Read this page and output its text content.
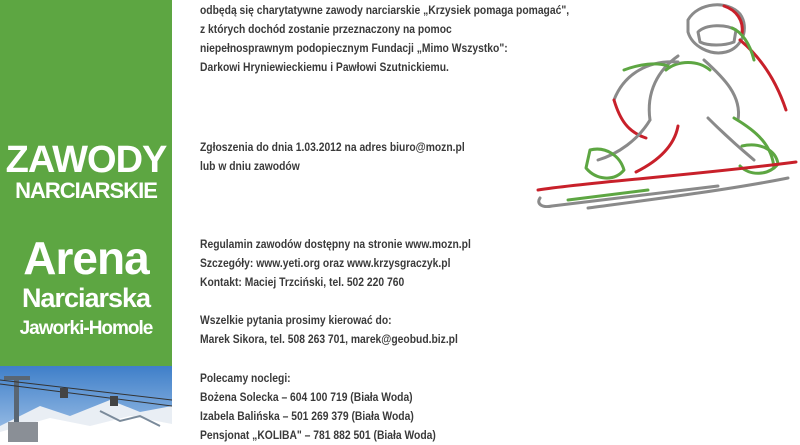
ZAWODY
NARCIARSKIE
Arena
Narciarska
Jaworki-Homole
odbędą się charytatywne zawody narciarskie „Krzysiek pomaga pomagać",
z których dochód zostanie przeznaczony na pomoc
niepełnosprawnym podopiecznym Fundacji „Mimo Wszystko":
Darkowi Hryniewieckiemu i Pawłowi Szutnickiemu.
Zgłoszenia do dnia 1.03.2012 na adres biuro@mozn.pl
lub w dniu zawodów
Regulamin zawodów dostępny na stronie www.mozn.pl
Szczegóły: www.yeti.org oraz www.krzysgraczyk.pl
Kontakt: Maciej Trzciński, tel. 502 220 760
Wszelkie pytania prosimy kierować do:
Marek Sikora, tel. 508 263 701, marek@geobud.biz.pl
Polecamy noclegi:
Bożena Solecka – 604 100 719 (Biała Woda)
Izabela Balińska – 501 269 379 (Biała Woda)
Pensjonat „KOLIBA" – 781 882 501 (Biała Woda)
